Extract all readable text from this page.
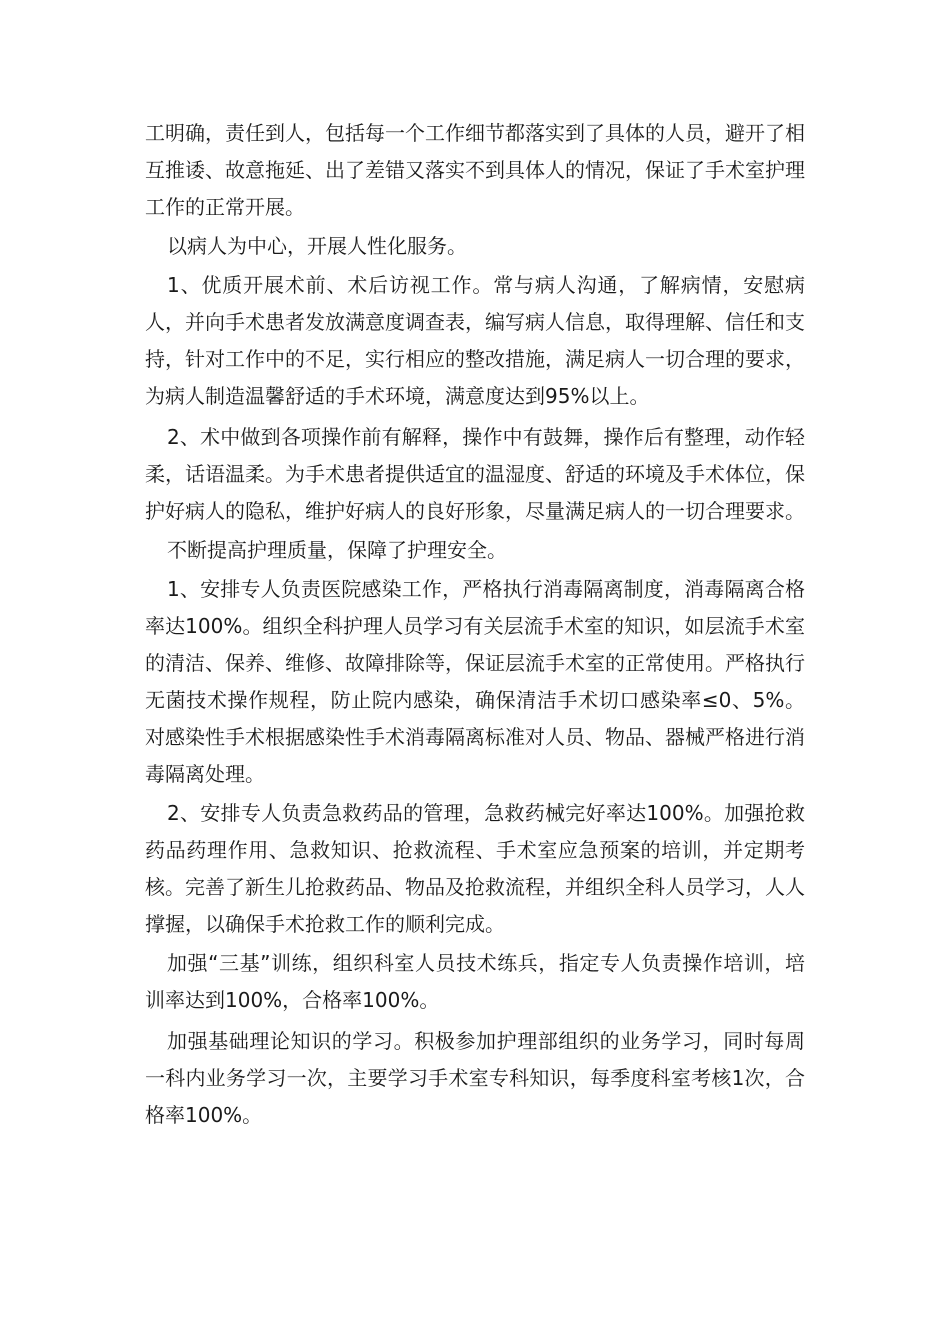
工明确，责任到人，包括每一个工作细节都落实到了具体的人员，避开了相互推诿、故意拖延、出了差错又落实不到具体人的情况，保证了手术室护理工作的正常开展。

以病人为中心，开展人性化服务。

1、优质开展术前、术后访视工作。常与病人沟通，了解病情，安慰病人，并向手术患者发放满意度调查表，编写病人信息，取得理解、信任和支持，针对工作中的不足，实行相应的整改措施，满足病人一切合理的要求，为病人制造温馨舒适的手术环境，满意度达到95%以上。

2、术中做到各项操作前有解释，操作中有鼓舞，操作后有整理，动作轻柔，话语温柔。为手术患者提供适宜的温湿度、舒适的环境及手术体位，保护好病人的隐私，维护好病人的良好形象，尽量满足病人的一切合理要求。

不断提高护理质量，保障了护理安全。

1、安排专人负责医院感染工作，严格执行消毒隔离制度，消毒隔离合格率达100%。组织全科护理人员学习有关层流手术室的知识，如层流手术室的清洁、保养、维修、故障排除等，保证层流手术室的正常使用。严格执行无菌技术操作规程，防止院内感染，确保清洁手术切口感染率≤0、5%。对感染性手术根据感染性手术消毒隔离标准对人员、物品、器械严格进行消毒隔离处理。

2、安排专人负责急救药品的管理，急救药械完好率达100%。加强抢救药品药理作用、急救知识、抢救流程、手术室应急预案的培训，并定期考核。完善了新生儿抢救药品、物品及抢救流程，并组织全科人员学习，人人撑握，以确保手术抢救工作的顺利完成。

加强“三基”训练，组织科室人员技术练兵，指定专人负责操作培训，培训率达到100%，合格率100%。

加强基础理论知识的学习。积极参加护理部组织的业务学习，同时每周一科内业务学习一次，主要学习手术室专科知识，每季度科室考核1次，合格率100%。
